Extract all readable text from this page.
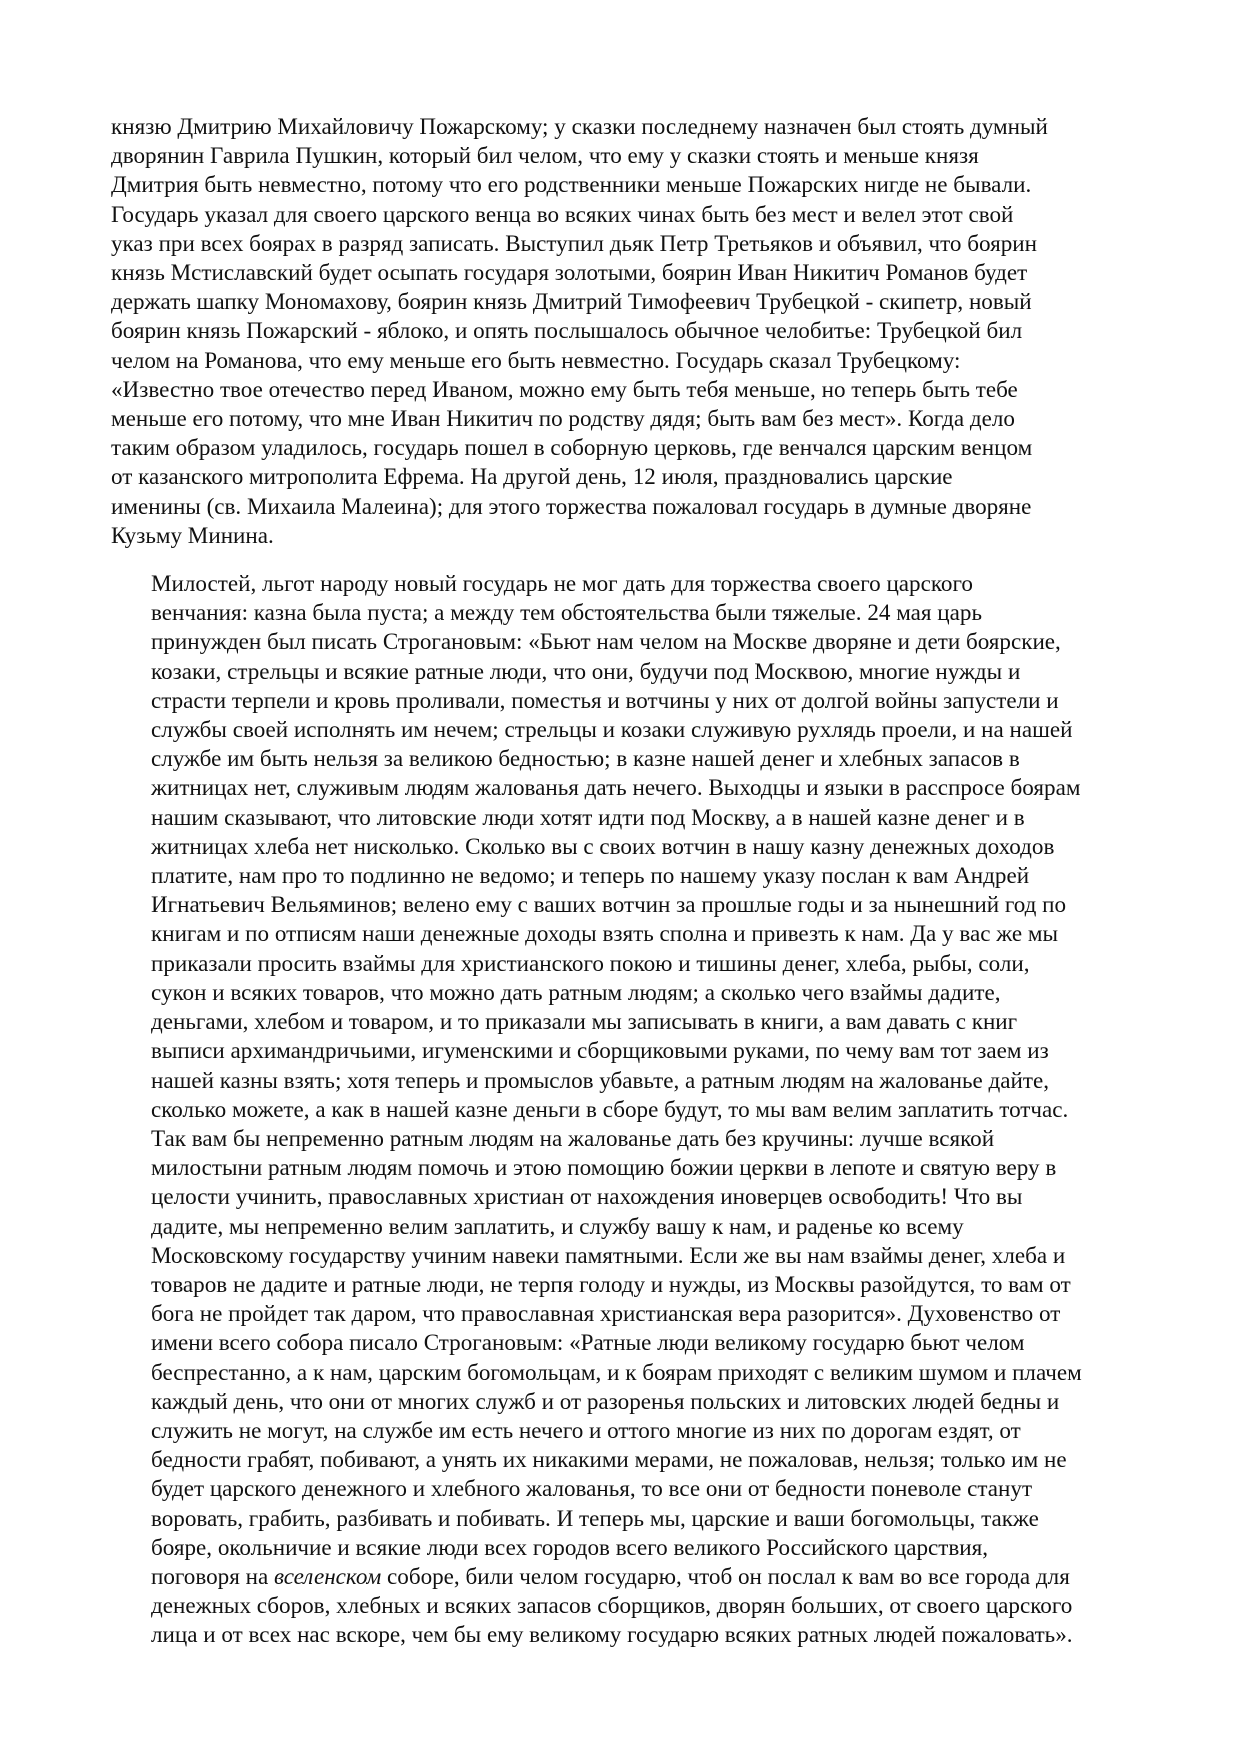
князю Дмитрию Михайловичу Пожарскому; у сказки последнему назначен был стоять думный
дворянин Гаврила Пушкин, который бил челом, что ему у сказки стоять и меньше князя
Дмитрия быть невместно, потому что его родственники меньше Пожарских нигде не бывали.
Государь указал для своего царского венца во всяких чинах быть без мест и велел этот свой
указ при всех боярах в разряд записать. Выступил дьяк Петр Третьяков и объявил, что боярин
князь Мстиславский будет осыпать государя золотыми, боярин Иван Никитич Романов будет
держать шапку Мономахову, боярин князь Дмитрий Тимофеевич Трубецкой - скипетр, новый
боярин князь Пожарский - яблоко, и опять послышалось обычное челобитье: Трубецкой бил
челом на Романова, что ему меньше его быть невместно. Государь сказал Трубецкому:
«Известно твое отечество перед Иваном, можно ему быть тебя меньше, но теперь быть тебе
меньше его потому, что мне Иван Никитич по родству дядя; быть вам без мест». Когда дело
таким образом уладилось, государь пошел в соборную церковь, где венчался царским венцом
от казанского митрополита Ефрема. На другой день, 12 июля, праздновались царские
именины (св. Михаила Малеина); для этого торжества пожаловал государь в думные дворяне
Кузьму Минина.
Милостей, льгот народу новый государь не мог дать для торжества своего царского
венчания: казна была пуста; а между тем обстоятельства были тяжелые. 24 мая царь
принужден был писать Строгановым: «Бьют нам челом на Москве дворяне и дети боярские,
козаки, стрельцы и всякие ратные люди, что они, будучи под Москвою, многие нужды и
страсти терпели и кровь проливали, поместья и вотчины у них от долгой войны запустели и
службы своей исполнять им нечем; стрельцы и козаки служивую рухлядь проели, и на нашей
службе им быть нельзя за великою бедностью; в казне нашей денег и хлебных запасов в
житницах нет, служивым людям жалованья дать нечего. Выходцы и языки в расспросе боярам
нашим сказывают, что литовские люди хотят идти под Москву, а в нашей казне денег и в
житницах хлеба нет нисколько. Сколько вы с своих вотчин в нашу казну денежных доходов
платите, нам про то подлинно не ведомо; и теперь по нашему указу послан к вам Андрей
Игнатьевич Вельяминов; велено ему с ваших вотчин за прошлые годы и за нынешний год по
книгам и по отписям наши денежные доходы взять сполна и привезть к нам. Да у вас же мы
приказали просить взаймы для христианского покою и тишины денег, хлеба, рыбы, соли,
сукон и всяких товаров, что можно дать ратным людям; а сколько чего взаймы дадите,
деньгами, хлебом и товаром, и то приказали мы записывать в книги, а вам давать с книг
выписи архимандричьими, игуменскими и сборщиковыми руками, по чему вам тот заем из
нашей казны взять; хотя теперь и промыслов убавьте, а ратным людям на жалованье дайте,
сколько можете, а как в нашей казне деньги в сборе будут, то мы вам велим заплатить тотчас.
Так вам бы непременно ратным людям на жалованье дать без кручины: лучше всякой
милостыни ратным людям помочь и этою помощию божии церкви в лепоте и святую веру в
целости учинить, православных христиан от нахождения иноверцев освободить! Что вы
дадите, мы непременно велим заплатить, и службу вашу к нам, и раденье ко всему
Московскому государству учиним навеки памятными. Если же вы нам взаймы денег, хлеба и
товаров не дадите и ратные люди, не терпя голоду и нужды, из Москвы разойдутся, то вам от
бога не пройдет так даром, что православная христианская вера разорится». Духовенство от
имени всего собора писало Строгановым: «Ратные люди великому государю бьют челом
беспрестанно, а к нам, царским богомольцам, и к боярам приходят с великим шумом и плачем
каждый день, что они от многих служб и от разоренья польских и литовских людей бедны и
служить не могут, на службе им есть нечего и оттого многие из них по дорогам ездят, от
бедности грабят, побивают, а унять их никакими мерами, не пожаловав, нельзя; только им не
будет царского денежного и хлебного жалованья, то все они от бедности поневоле станут
воровать, грабить, разбивать и побивать. И теперь мы, царские и ваши богомольцы, также
бояре, окольничие и всякие люди всех городов всего великого Российского царствия,
поговоря на вселенском соборе, били челом государю, чтоб он послал к вам во все города для
денежных сборов, хлебных и всяких запасов сборщиков, дворян больших, от своего царского
лица и от всех нас вскоре, чем бы ему великому государю всяких ратных людей пожаловать».
